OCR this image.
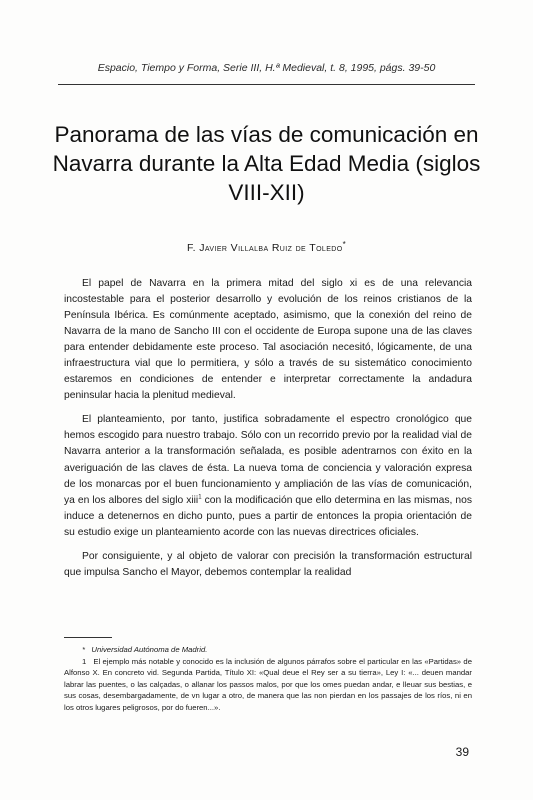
Espacio, Tiempo y Forma, Serie III, H.ª Medieval, t. 8, 1995, págs. 39-50
Panorama de las vías de comunicación en Navarra durante la Alta Edad Media (siglos VIII-XII)
F. Javier Villalba Ruiz de Toledo*

El papel de Navarra en la primera mitad del siglo xi es de una relevancia incostestable para el posterior desarrollo y evolución de los reinos cristianos de la Península Ibérica. Es comúnmente aceptado, asimismo, que la conexión del reino de Navarra de la mano de Sancho III con el occidente de Europa supone una de las claves para entender debidamente este proceso. Tal asociación necesitó, lógicamente, de una infraestructura vial que lo permitiera, y sólo a través de su sistemático conocimiento estaremos en condiciones de entender e interpretar correctamente la andadura peninsular hacia la plenitud medieval.

El planteamiento, por tanto, justifica sobradamente el espectro cronológico que hemos escogido para nuestro trabajo. Sólo con un recorrido previo por la realidad vial de Navarra anterior a la transformación señalada, es posible adentrarnos con éxito en la averiguación de las claves de ésta. La nueva toma de conciencia y valoración expresa de los monarcas por el buen funcionamiento y ampliación de las vías de comunicación, ya en los albores del siglo xiii$^1$ con la modificación que ello determina en las mismas, nos induce a detenernos en dicho punto, pues a partir de entonces la propia orientación de su estudio exige un planteamiento acorde con las nuevas directrices oficiales.

Por consiguiente, y al objeto de valorar con precisión la transformación estructural que impulsa Sancho el Mayor, debemos contemplar la realidad

* Universidad Autónoma de Madrid.

1 El ejemplo más notable y conocido es la inclusión de algunos párrafos sobre el particular en las «Partidas» de Alfonso X. En concreto vid. Segunda Partida, Título XI: «Qual deue el Rey ser a su tierra», Ley I: «... deuen mandar labrar las puentes, o las calçadas, o allanar los passos malos, por que los omes puedan andar, e lleuar sus bestias, e sus cosas, desembargadamente, de vn lugar a otro, de manera que las non pierdan en los passajes de los ríos, ni en los otros lugares peligrosos, por do fueren...».

39
